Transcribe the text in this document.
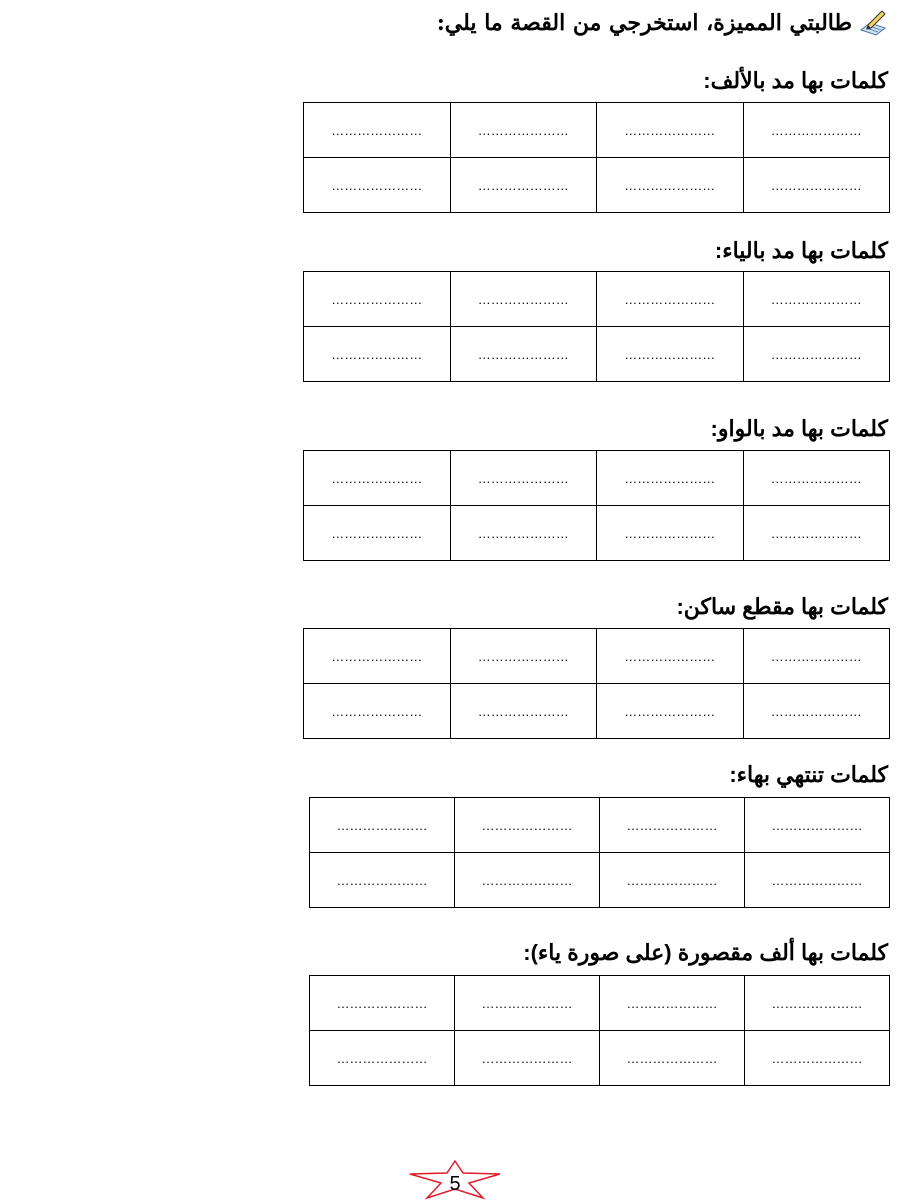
طالبتي المميزة، استخرجي من القصة ما يلي:
كلمات بها مد بالألف:
…………………	…………………	…………………	…………………
…………………	…………………	…………………	…………………
كلمات بها مد بالياء:
…………………	…………………	…………………	…………………
…………………	…………………	…………………	…………………
كلمات بها مد بالواو:
…………………	…………………	…………………	…………………
…………………	…………………	…………………	…………………
كلمات بها مقطع ساكن:
…………………	…………………	…………………	…………………
…………………	…………………	…………………	…………………
كلمات تنتهي بهاء:
…………………	…………………	…………………	…………………
…………………	…………………	…………………	…………………
كلمات بها ألف مقصورة (على صورة ياء):
…………………	…………………	…………………	…………………
…………………	…………………	…………………	…………………
5
